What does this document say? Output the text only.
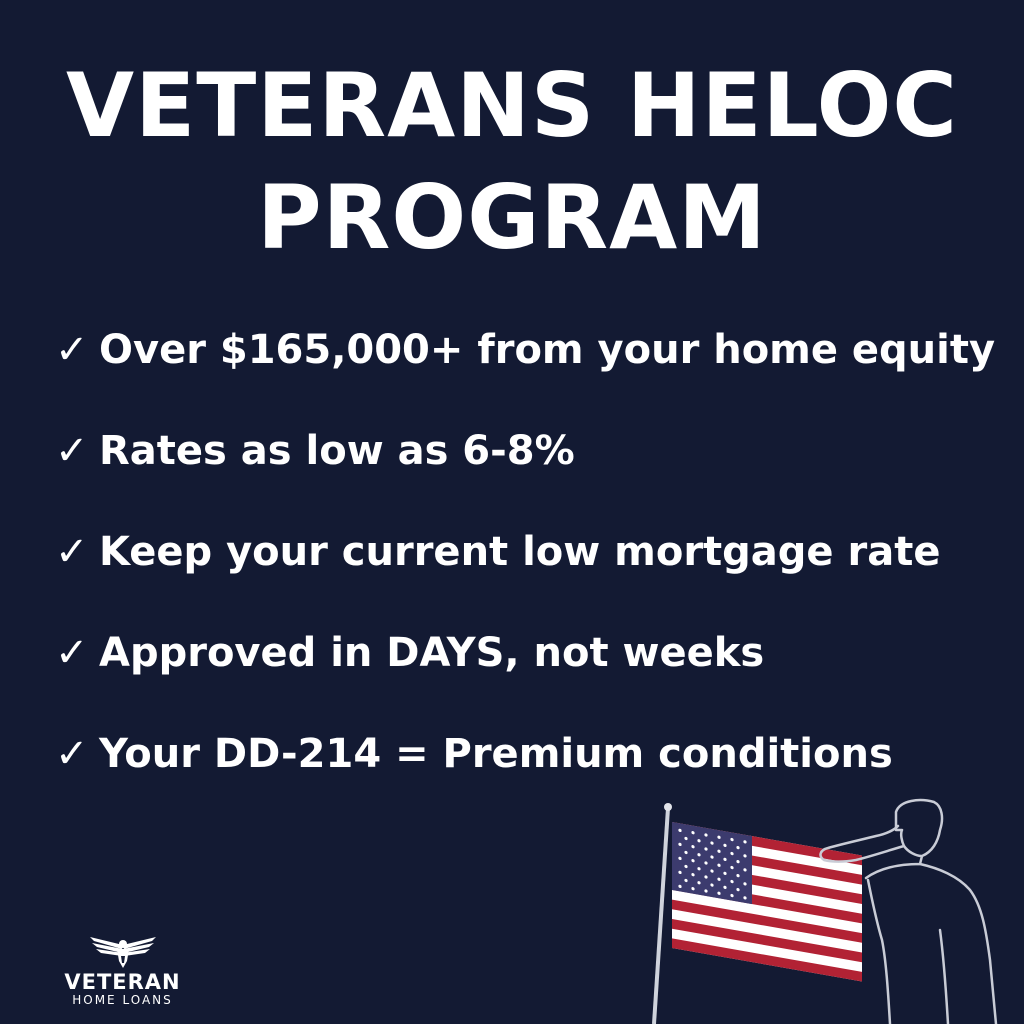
VETERANS HELOC
PROGRAM
✓ Over $165,000+ from your home equity
✓ Rates as low as 6-8%
✓ Keep your current low mortgage rate
✓ Approved in DAYS, not weeks
✓ Your DD-214 = Premium conditions
VETERAN
HOME LOANS
